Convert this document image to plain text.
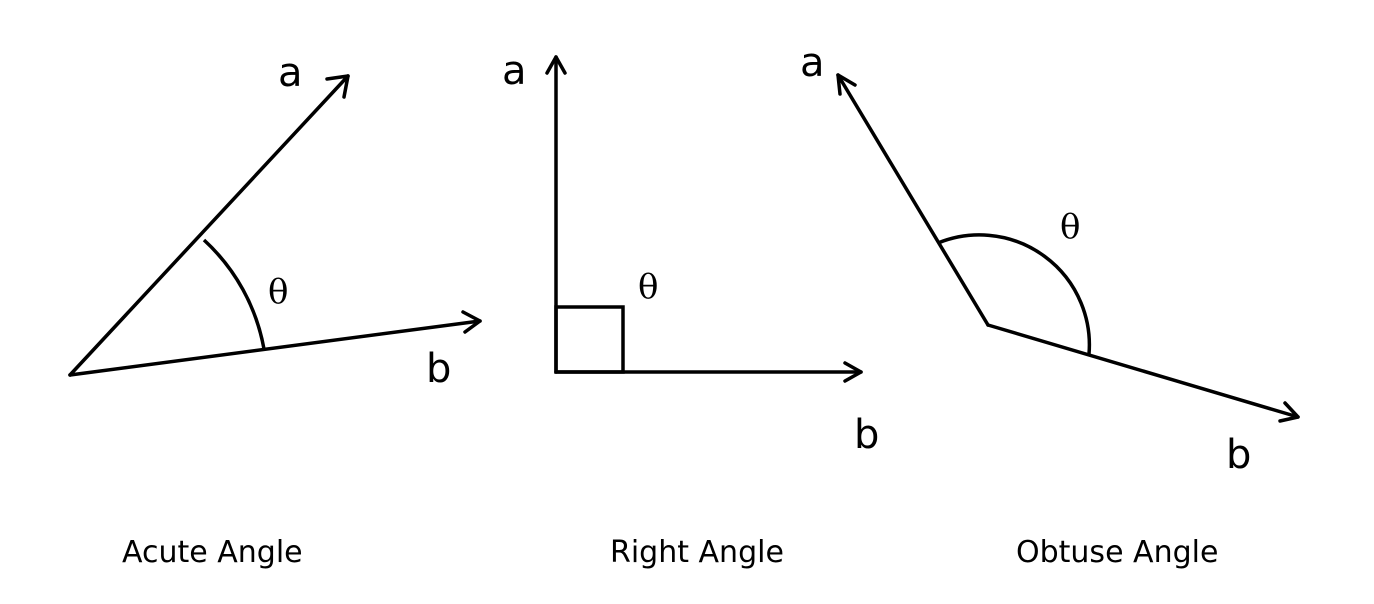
θ
a
b
Acute Angle
θ
a
b
Right Angle
θ
a
b
Obtuse Angle
